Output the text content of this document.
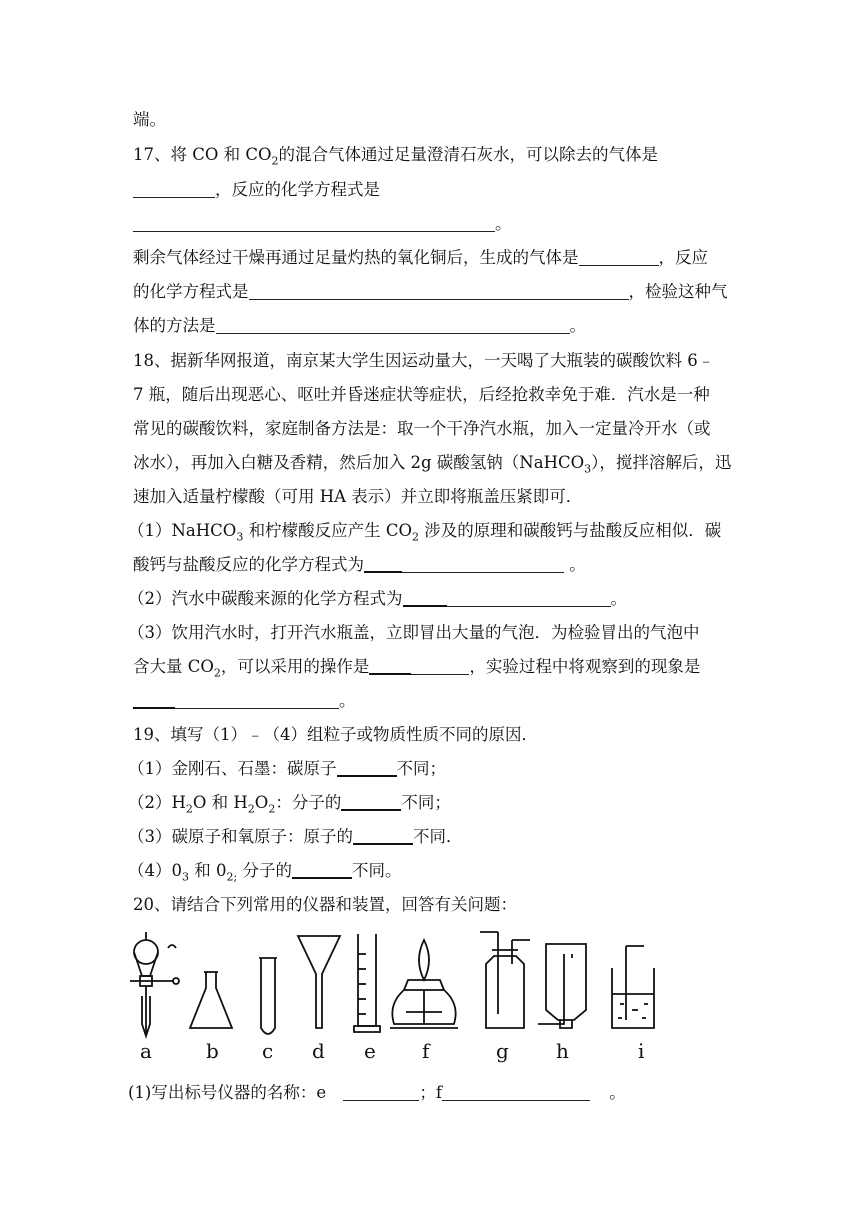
端。
17、将 CO 和 $CO_2$的混合气体通过足量澄清石灰水，可以除去的气体是
，反应的化学方程式是
。
剩余气体经过干燥再通过足量灼热的氧化铜后，生成的气体是	，反应
的化学方程式是	，检验这种气
体的方法是	。
18、据新华网报道，南京某大学生因运动量大，一天喝了大瓶装的碳酸饮料 6﹣
7 瓶，随后出现恶心、呕吐并昏迷症状等症状，后经抢救幸免于难．汽水是一种
常见的碳酸饮料，家庭制备方法是：取一个干净汽水瓶，加入一定量冷开水（或
冰水），再加入白糖及香精，然后加入 2g 碳酸氢钠（NaHCO$_3$），搅拌溶解后，迅
速加入适量柠檬酸（可用 HA 表示）并立即将瓶盖压紧即可．
（1）NaHCO$_3$ 和柠檬酸反应产生 $CO_2$ 涉及的原理和碳酸钙与盐酸反应相似．碳
酸钙与盐酸反应的化学方程式为	。
（2）汽水中碳酸来源的化学方程式为	。
（3）饮用汽水时，打开汽水瓶盖，立即冒出大量的气泡．为检验冒出的气泡中
含大量 $CO_2$，可以采用的操作是	，实验过程中将观察到的现象是
。
19、填写（1）﹣（4）组粒子或物质性质不同的原因．
（1）金刚石、石墨：碳原子	不同；
$(2)H_2O$ 和 $H_2O_2$：分子的	不同；
（3）碳原子和氧原子：原子的	不同．
$(4)0_3$ 和 $0_{2;}$ 分子的	不同。
20、请结合下列常用的仪器和装置，回答有关问题：
a	b c d e f	g h	i
(1)写出标号仪器的名称：e	；f	。
